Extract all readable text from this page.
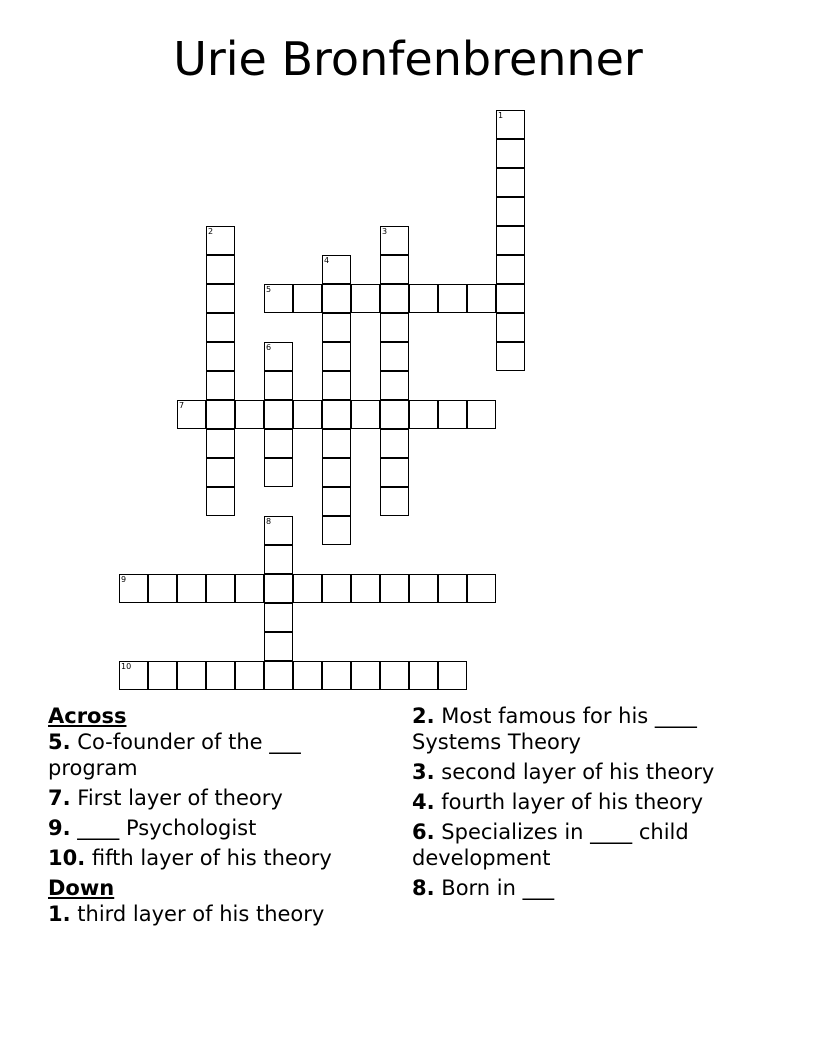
Urie Bronfenbrenner
5
7
9
10
1
2	3
4
6
8
Across
5. Co-founder of the ___ program
7. First layer of theory
9. ____ Psychologist
10. fifth layer of his theory
Down
1. third layer of his theory
2. Most famous for his ____ Systems Theory
3. second layer of his theory
4. fourth layer of his theory
6. Specializes in ____ child development
8. Born in ___
